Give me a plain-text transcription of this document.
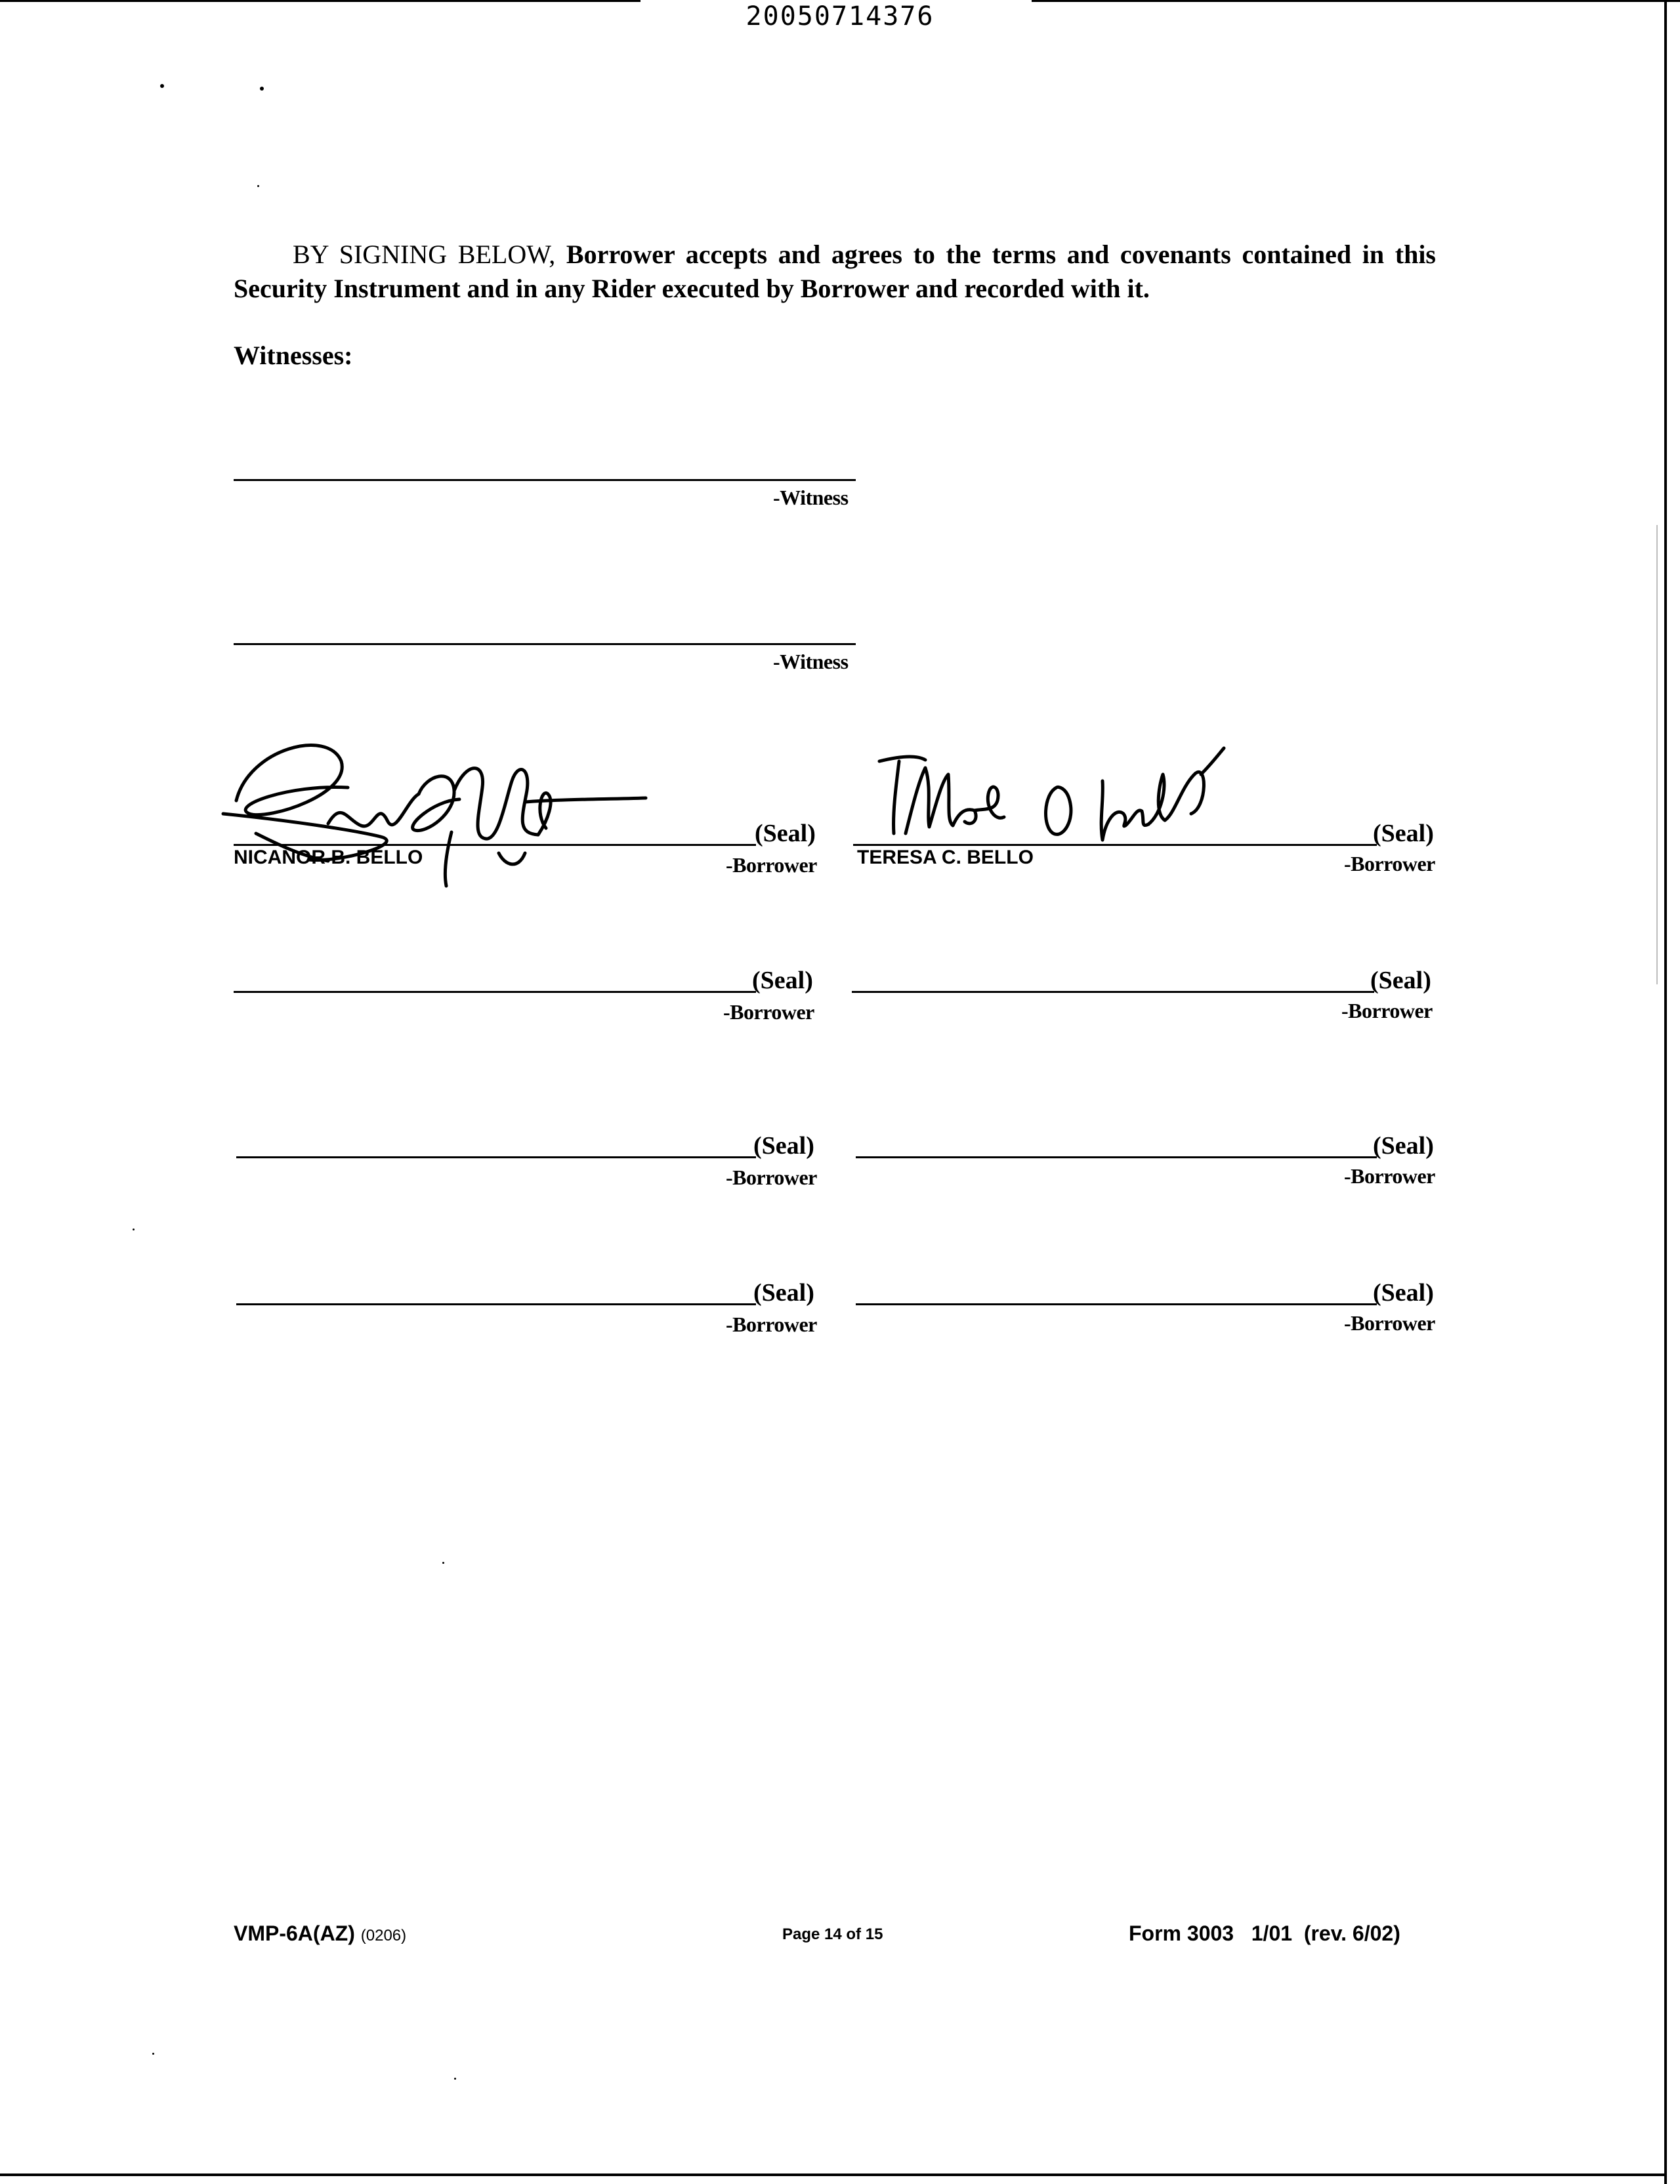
20050714376
BY SIGNING BELOW, Borrower accepts and agrees to the terms and covenants contained in this Security Instrument and in any Rider executed by Borrower and recorded with it.
Witnesses:
-Witness
-Witness
NICANOR B. BELLO
(Seal)
-Borrower TERESA C. BELLO
(Seal)
-Borrower
(Seal)
-Borrower
(Seal)
-Borrower
(Seal)
-Borrower
(Seal)
-Borrower
(Seal)
-Borrower
(Seal)
-Borrower
VMP-6A(AZ) (0206)	Page 14 of 15	Form 3003   1/01  (rev. 6/02)
